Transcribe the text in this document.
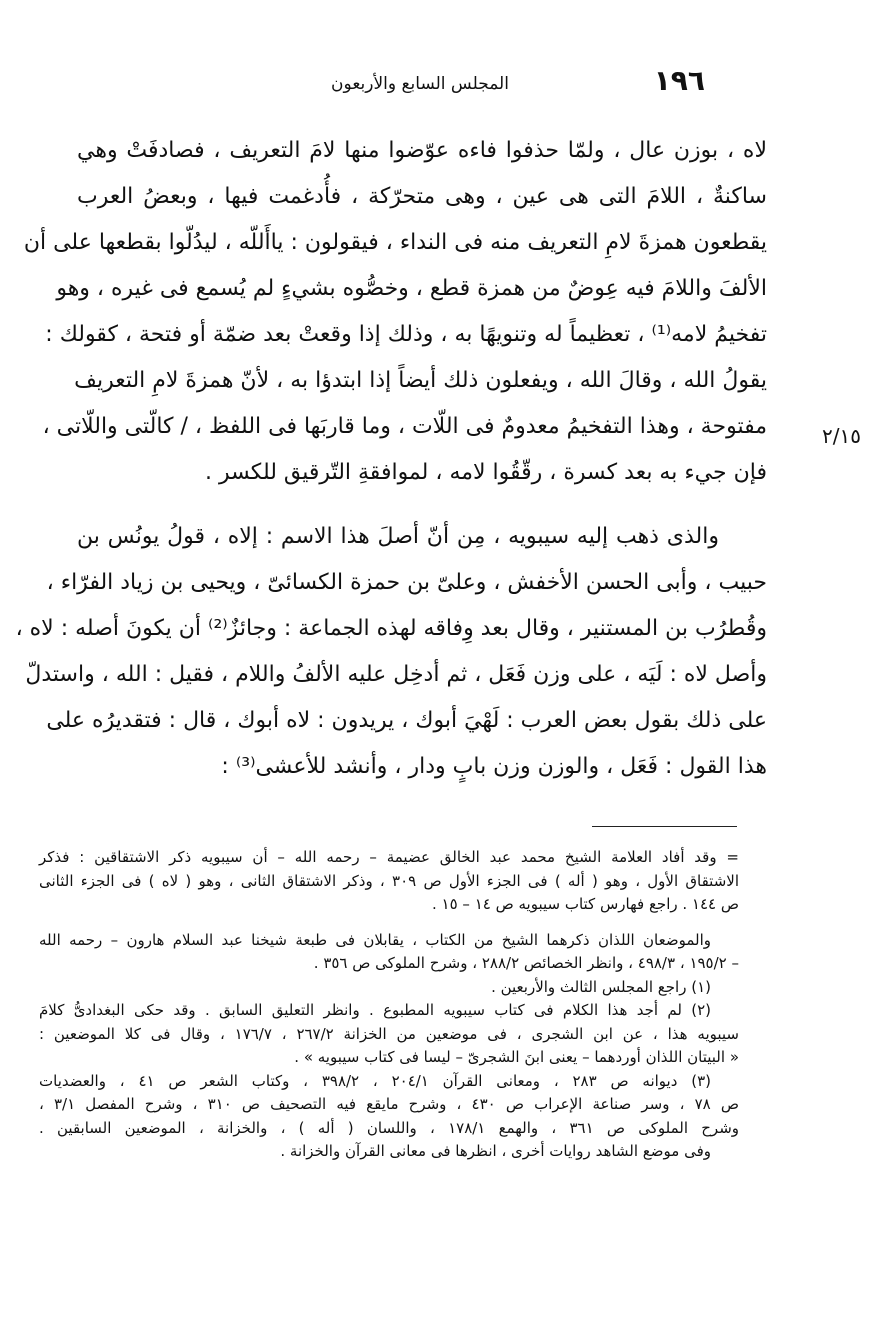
١٩٦
المجلس السابع والأربعون
٢/١٥
لاه ، بوزن عال ، ولمّا حذفوا فاءه عوّضوا منها لامَ التعريف ، فصادفَتْ وهي
ساكنةٌ ، اللامَ التى هى عين ، وهى متحرّكة ، فأُدغمت فيها ، وبعضُ العرب
يقطعون همزةَ لامِ التعريف منه فى النداء ، فيقولون : ياأَللّه ، ليدُلّوا بقطعها على أن
الألفَ واللامَ فيه عِوضٌ من همزة قطع ، وخصُّوه بشيءٍ لم يُسمع فى غيره ، وهو
تفخيمُ لامه⁽¹⁾ ، تعظيماً له وتنويهًا به ، وذلك إذا وقعتْ بعد ضمّة أو فتحة ، كقولك :
يقولُ الله ، وقالَ الله ، ويفعلون ذلك أيضاً إذا ابتدؤا به ، لأنّ همزةَ لامِ التعريف
مفتوحة ، وهذا التفخيمُ معدومٌ فى اللّات ، وما قاربَها فى اللفظ ، / كالّتى واللّاتى ،
فإن جيء به بعد كسرة ، رقّقُوا لامه ، لموافقةِ التّرقيق للكسر .
والذى ذهب إليه سيبويه ، مِن أنّ أصلَ هذا الاسم : إلاه ، قولُ يونُس بن
حبيب ، وأبى الحسن الأخفش ، وعلىّ بن حمزة الكسائىّ ، ويحيى بن زياد الفرّاء ،
وقُطرُب بن المستنير ، وقال بعد وِفاقه لهذه الجماعة : وجائزٌ⁽²⁾ أن يكونَ أصله : لاه ،
وأصل لاه : لَيَه ، على وزن فَعَل ، ثم أدخِل عليه الألفُ واللام ، فقيل : الله ، واستدلّ
على ذلك بقول بعض العرب : لَهْيَ أبوك ، يريدون : لاه أبوك ، قال : فتقديرُه على
هذا القول : فَعَل ، والوزن وزن بابٍ ودار ، وأنشد للأعشى⁽³⁾ :
= وقد أفاد العلامة الشيخ محمد عبد الخالق عضيمة – رحمه الله – أن سيبويه ذكر الاشتقاقين : فذكر
الاشتقاق الأول ، وهو ( أله ) فى الجزء الأول ص ٣٠٩ ، وذكر الاشتقاق الثانى ، وهو ( لاه ) فى الجزء الثانى
ص ١٤٤ . راجع فهارس كتاب سيبويه ص ١٤ – ١٥ .
والموضعان اللذان ذكرهما الشيخ من الكتاب ، يقابلان فى طبعة شيخنا عبد السلام هارون – رحمه الله
– ١٩٥/٢ ، ٤٩٨/٣ ، وانظر الخصائص ٢٨٨/٢ ، وشرح الملوكى ص ٣٥٦ .
(١) راجع المجلس الثالث والأربعين .
(٢) لم أجد هذا الكلام فى كتاب سيبويه المطبوع . وانظر التعليق السابق . وقد حكى البغدادىُّ كلامَ
سيبويه هذا ، عن ابن الشجرى ، فى موضعين من الخزانة ٢٦٧/٢ ، ١٧٦/٧ ، وقال فى كلا الموضعين :
« البيتان اللذان أوردهما – يعنى ابنَ الشجرىّ – ليسا فى كتاب سيبويه » .
(٣) ديوانه ص ٢٨٣ ، ومعانى القرآن ٢٠٤/١ ، ٣٩٨/٢ ، وكتاب الشعر ص ٤١ ، والعضديات
ص ٧٨ ، وسر صناعة الإعراب ص ٤٣٠ ، وشرح مايقع فيه التصحيف ص ٣١٠ ، وشرح المفصل ٣/١ ،
وشرح الملوكى ص ٣٦١ ، والهمع ١٧٨/١ ، واللسان ( أله ) ، والخزانة ، الموضعين السابقين .
وفى موضع الشاهد روايات أخرى ، انظرها فى معانى القرآن والخزانة .
